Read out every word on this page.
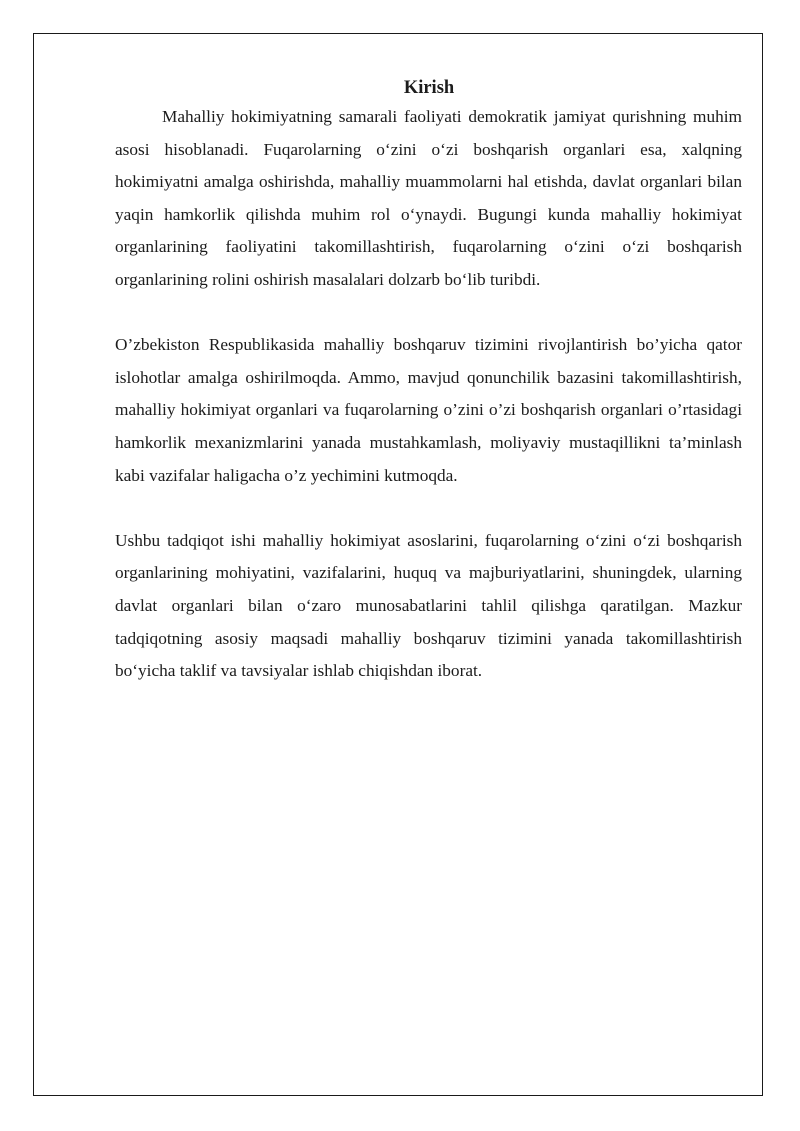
Kirish

Mahalliy hokimiyatning samarali faoliyati demokratik jamiyat qurishning muhim asosi hisoblanadi. Fuqarolarning o‘zini o‘zi boshqarish organlari esa, xalqning hokimiyatni amalga oshirishda, mahalliy muammolarni hal etishda, davlat organlari bilan yaqin hamkorlik qilishda muhim rol o‘ynaydi. Bugungi kunda mahalliy hokimiyat organlarining faoliyatini takomillashtirish, fuqarolarning o‘zini o‘zi boshqarish organlarining rolini oshirish masalalari dolzarb bo‘lib turibdi.

O’zbekiston Respublikasida mahalliy boshqaruv tizimini rivojlantirish bo’yicha qator islohotlar amalga oshirilmoqda. Ammo, mavjud qonunchilik bazasini takomillashtirish, mahalliy hokimiyat organlari va fuqarolarning o’zini o’zi boshqarish organlari o’rtasidagi hamkorlik mexanizmlarini yanada mustahkamlash, moliyaviy mustaqillikni ta’minlash kabi vazifalar haligacha o’z yechimini kutmoqda.

Ushbu tadqiqot ishi mahalliy hokimiyat asoslarini, fuqarolarning o‘zini o‘zi boshqarish organlarining mohiyatini, vazifalarini, huquq va majburiyatlarini, shuningdek, ularning davlat organlari bilan o‘zaro munosabatlarini tahlil qilishga qaratilgan. Mazkur tadqiqotning asosiy maqsadi mahalliy boshqaruv tizimini yanada takomillashtirish bo‘yicha taklif va tavsiyalar ishlab chiqishdan iborat.
